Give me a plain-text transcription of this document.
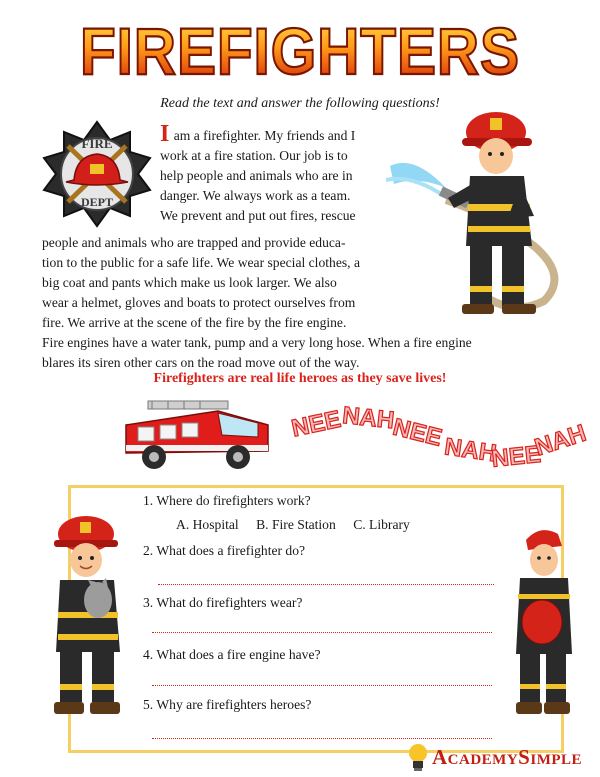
FIREFIGHTERS
Read the text and answer the following questions!
FIRE
DEPT
I am a firefighter. My friends and I
work at a fire station. Our job is to
help people and animals who are in
danger. We always work as a team.
We prevent and put out fires, rescue
people and animals who are trapped and provide educa-
tion to the public for a safe life. We wear special clothes, a
big coat and pants which make us look larger. We also
wear a helmet, gloves and boats to protect ourselves from
fire. We arrive at the scene of the fire by the fire engine.
Fire engines have a water tank, pump and a very long hose. When a fire engine
blares its siren other cars on the road move out of the way.
Firefighters are real life heroes as they save lives!
NEE
NAH
NEE
NAH
NEE
NAH
1. Where do firefighters work?
A. Hospital B. Fire Station C. Library
2. What does a firefighter do?
3. What do firefighters wear?
4. What does a fire engine have?
5. Why are firefighters heroes?
ACADEMYSIMPLE
